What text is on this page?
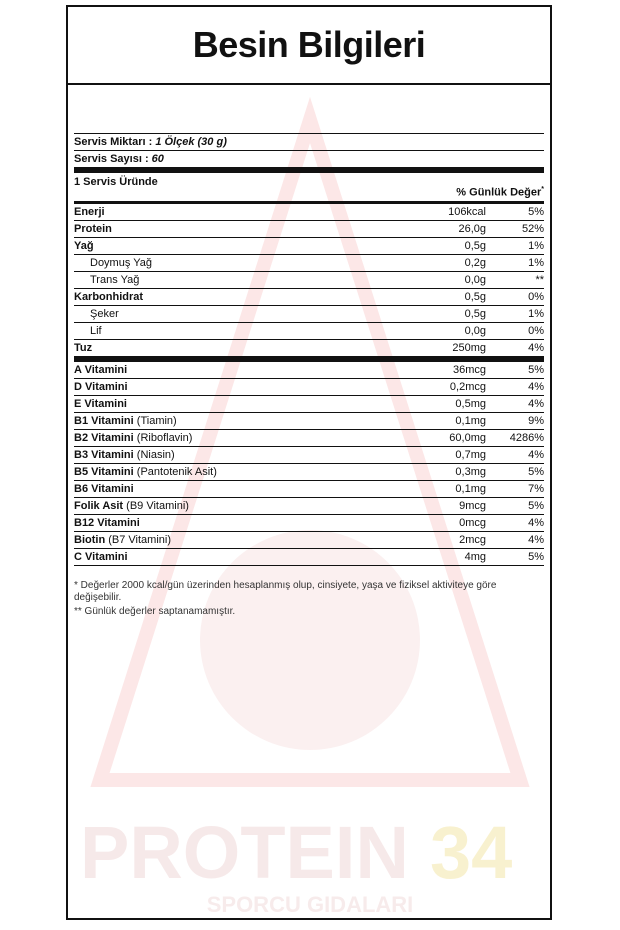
PROTEIN 34
SPORCU GIDALARI
Besin Bilgileri
Servis Miktarı : 1 Ölçek (30 g)
Servis Sayısı : 60
1 Servis Üründe
% Günlük Değer*
Enerji	106kcal	5%
Protein	26,0g	52%
Yağ	0,5g	1%
Doymuş Yağ	0,2g	1%
Trans Yağ	0,0g	**
Karbonhidrat	0,5g	0%
Şeker	0,5g	1%
Lif	0,0g	0%
Tuz	250mg	4%
A Vitamini	36mcg	5%
D Vitamini	0,2mcg	4%
E Vitamini	0,5mg	4%
B1 Vitamini (Tiamin)	0,1mg	9%
B2 Vitamini (Riboflavin)	60,0mg	4286%
B3 Vitamini (Niasin)	0,7mg	4%
B5 Vitamini (Pantotenik Asit)	0,3mg	5%
B6 Vitamini	0,1mg	7%
Folik Asit (B9 Vitamini)	9mcg	5%
B12 Vitamini	0mcg	4%
Biotin (B7 Vitamini)	2mcg	4%
C Vitamini	4mg	5%

* Değerler 2000 kcal/gün üzerinden hesaplanmış olup, cinsiyete, yaşa ve fiziksel aktiviteye göre değişebilir.

** Günlük değerler saptanamamıştır.
